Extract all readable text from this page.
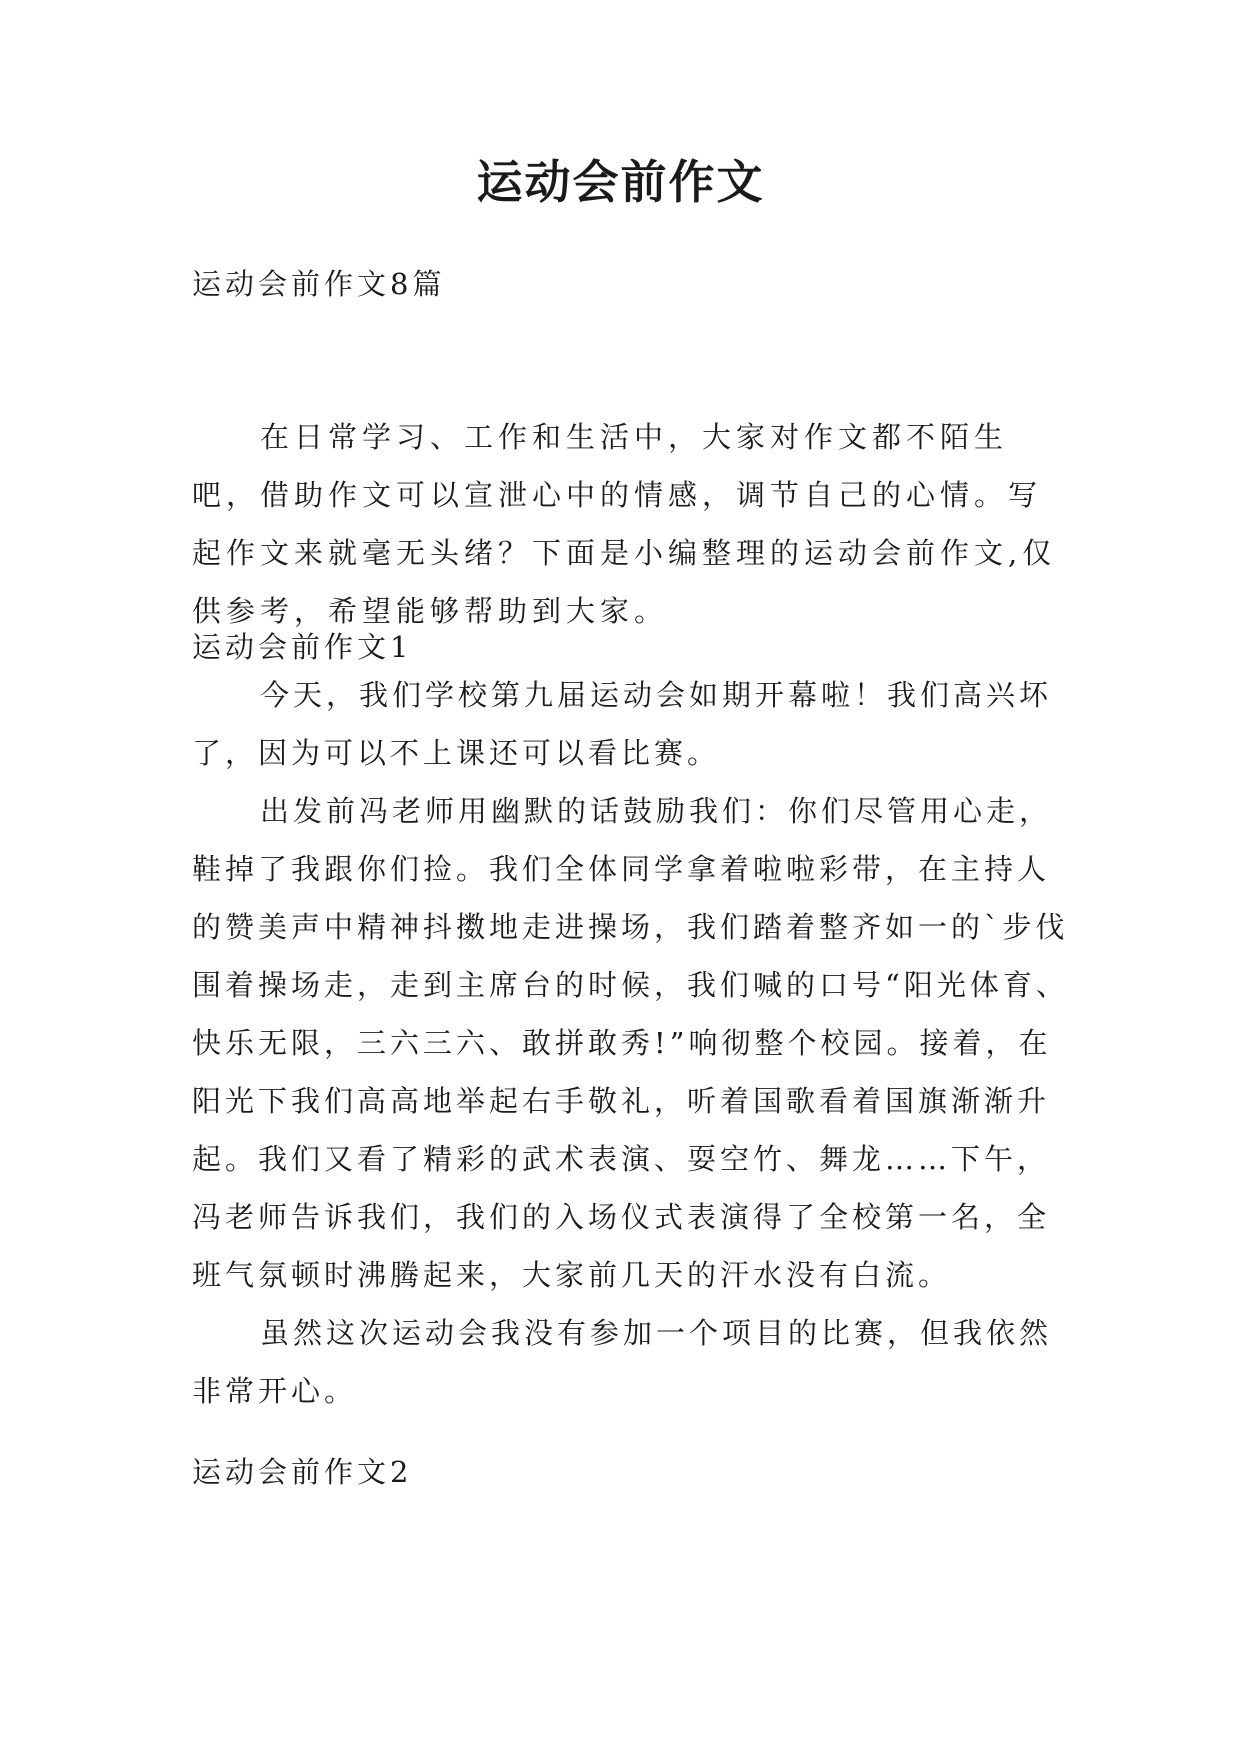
运动会前作文

运动会前作文8篇

在日常学习、工作和生活中，大家对作文都不陌生吧，借助作文可以宣泄心中的情感，调节自己的心情。写起作文来就毫无头绪？下面是小编整理的运动会前作文,仅供参考，希望能够帮助到大家。

运动会前作文1

今天，我们学校第九届运动会如期开幕啦！我们高兴坏了，因为可以不上课还可以看比赛。

出发前冯老师用幽默的话鼓励我们：你们尽管用心走，鞋掉了我跟你们捡。我们全体同学拿着啦啦彩带，在主持人的赞美声中精神抖擞地走进操场，我们踏着整齐如一的`步伐围着操场走，走到主席台的时候，我们喊的口号“阳光体育、快乐无限，三六三六、敢拼敢秀!”响彻整个校园。接着，在阳光下我们高高地举起右手敬礼，听着国歌看着国旗渐渐升起。我们又看了精彩的武术表演、耍空竹、舞龙……下午，冯老师告诉我们，我们的入场仪式表演得了全校第一名，全班气氛顿时沸腾起来，大家前几天的汗水没有白流。

虽然这次运动会我没有参加一个项目的比赛，但我依然非常开心。

运动会前作文2
